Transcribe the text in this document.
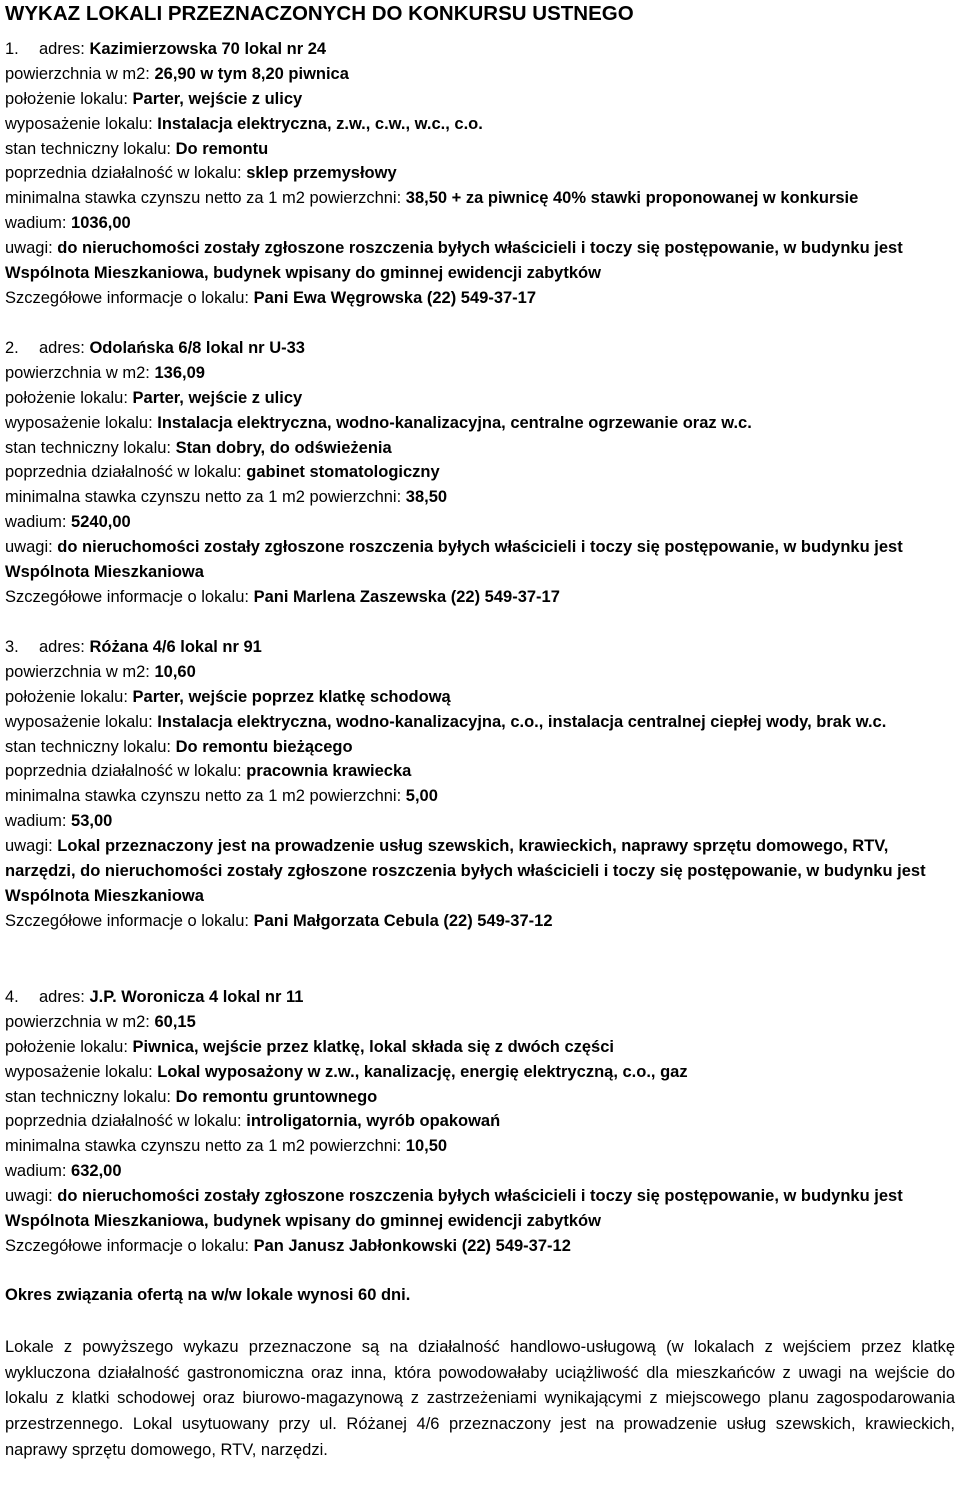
WYKAZ LOKALI PRZEZNACZONYCH DO KONKURSU USTNEGO
1. adres: Kazimierzowska 70 lokal nr 24
powierzchnia w m2: 26,90 w tym 8,20 piwnica
położenie lokalu: Parter, wejście z ulicy
wyposażenie lokalu: Instalacja elektryczna, z.w., c.w., w.c., c.o.
stan techniczny lokalu: Do remontu
poprzednia działalność w lokalu: sklep przemysłowy
minimalna stawka czynszu netto za 1 m2 powierzchni: 38,50 + za piwnicę 40% stawki proponowanej w konkursie
wadium: 1036,00
uwagi: do nieruchomości zostały zgłoszone roszczenia byłych właścicieli i toczy się postępowanie, w budynku jest Wspólnota Mieszkaniowa, budynek wpisany do gminnej ewidencji zabytków
Szczegółowe informacje o lokalu: Pani Ewa Węgrowska (22) 549-37-17
2. adres: Odolańska 6/8 lokal nr U-33
powierzchnia w m2: 136,09
położenie lokalu: Parter, wejście z ulicy
wyposażenie lokalu: Instalacja elektryczna, wodno-kanalizacyjna, centralne ogrzewanie oraz w.c.
stan techniczny lokalu: Stan dobry, do odświeżenia
poprzednia działalność w lokalu: gabinet stomatologiczny
minimalna stawka czynszu netto za 1 m2 powierzchni: 38,50
wadium: 5240,00
uwagi: do nieruchomości zostały zgłoszone roszczenia byłych właścicieli i toczy się postępowanie, w budynku jest Wspólnota Mieszkaniowa
Szczegółowe informacje o lokalu: Pani Marlena Zaszewska (22) 549-37-17
3. adres: Różana 4/6 lokal nr 91
powierzchnia w m2: 10,60
położenie lokalu: Parter, wejście poprzez klatkę schodową
wyposażenie lokalu: Instalacja elektryczna, wodno-kanalizacyjna, c.o., instalacja centralnej ciepłej wody, brak w.c.
stan techniczny lokalu: Do remontu bieżącego
poprzednia działalność w lokalu: pracownia krawiecka
minimalna stawka czynszu netto za 1 m2 powierzchni: 5,00
wadium: 53,00
uwagi: Lokal przeznaczony jest na prowadzenie usług szewskich, krawieckich, naprawy sprzętu domowego, RTV, narzędzi, do nieruchomości zostały zgłoszone roszczenia byłych właścicieli i toczy się postępowanie, w budynku jest Wspólnota Mieszkaniowa
Szczegółowe informacje o lokalu: Pani Małgorzata Cebula (22) 549-37-12
4. adres: J.P. Woronicza 4 lokal nr 11
powierzchnia w m2: 60,15
położenie lokalu: Piwnica, wejście przez klatkę, lokal składa się z dwóch części
wyposażenie lokalu: Lokal wyposażony w z.w., kanalizację, energię elektryczną, c.o., gaz
stan techniczny lokalu: Do remontu gruntownego
poprzednia działalność w lokalu: introligatornia, wyrób opakowań
minimalna stawka czynszu netto za 1 m2 powierzchni: 10,50
wadium: 632,00
uwagi: do nieruchomości zostały zgłoszone roszczenia byłych właścicieli i toczy się postępowanie, w budynku jest Wspólnota Mieszkaniowa, budynek wpisany do gminnej ewidencji zabytków
Szczegółowe informacje o lokalu: Pan Janusz Jabłonkowski (22) 549-37-12
Okres związania ofertą na w/w lokale wynosi 60 dni.
Lokale z powyższego wykazu przeznaczone są na działalność handlowo-usługową (w lokalach z wejściem przez klatkę wykluczona działalność gastronomiczna oraz inna, która powodowałaby uciążliwość dla mieszkańców z uwagi na wejście do lokalu z klatki schodowej oraz biurowo-magazynową z zastrzeżeniami wynikającymi z miejscowego planu zagospodarowania przestrzennego. Lokal usytuowany przy ul. Różanej 4/6 przeznaczony jest na prowadzenie usług szewskich, krawieckich, naprawy sprzętu domowego, RTV, narzędzi.
